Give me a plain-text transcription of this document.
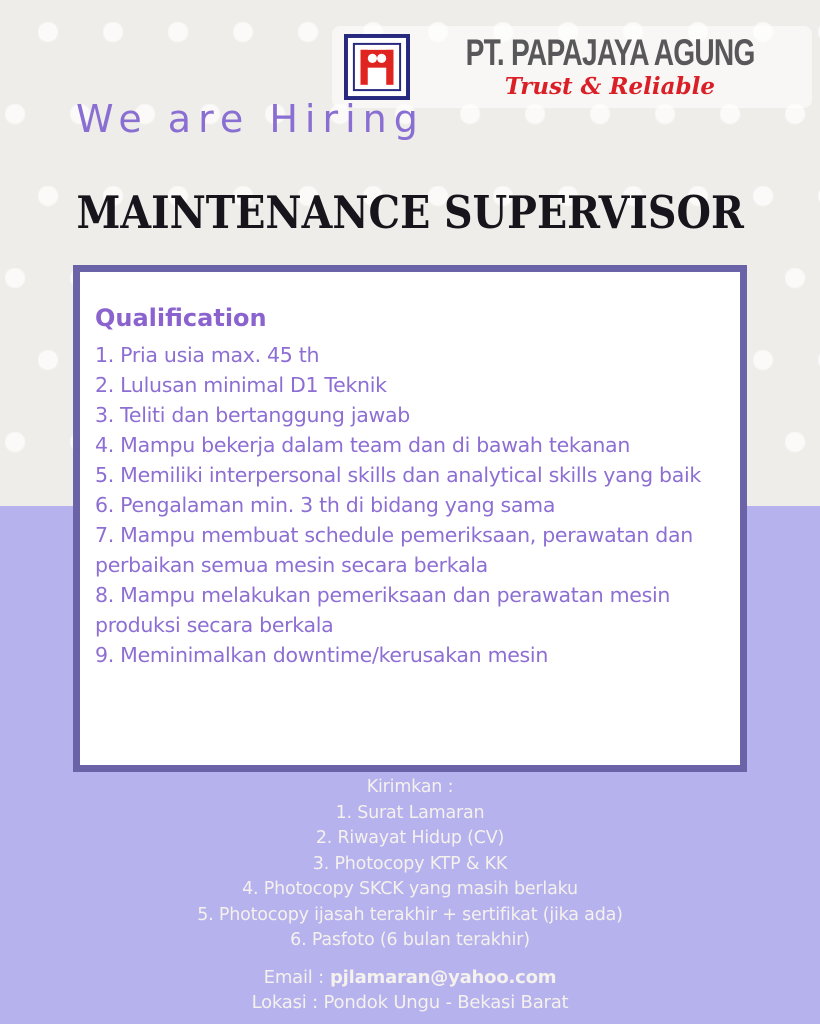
PT. PAPAJAYA AGUNG
Trust & Reliable
We are Hiring
MAINTENANCE SUPERVISOR
Qualification
1. Pria usia max. 45 th
2. Lulusan minimal D1 Teknik
3. Teliti dan bertanggung jawab
4. Mampu bekerja dalam team dan di bawah tekanan
5. Memiliki interpersonal skills dan analytical skills yang baik
6. Pengalaman min. 3 th di bidang yang sama
7. Mampu membuat schedule pemeriksaan, perawatan dan perbaikan semua mesin secara berkala
8. Mampu melakukan pemeriksaan dan perawatan mesin produksi secara berkala
9. Meminimalkan downtime/kerusakan mesin
Kirimkan :
1. Surat Lamaran
2. Riwayat Hidup (CV)
3. Photocopy KTP & KK
4. Photocopy SKCK yang masih berlaku
5. Photocopy ijasah terakhir + sertifikat (jika ada)
6. Pasfoto (6 bulan terakhir)
Email : pjlamaran@yahoo.com
Lokasi : Pondok Ungu - Bekasi Barat
